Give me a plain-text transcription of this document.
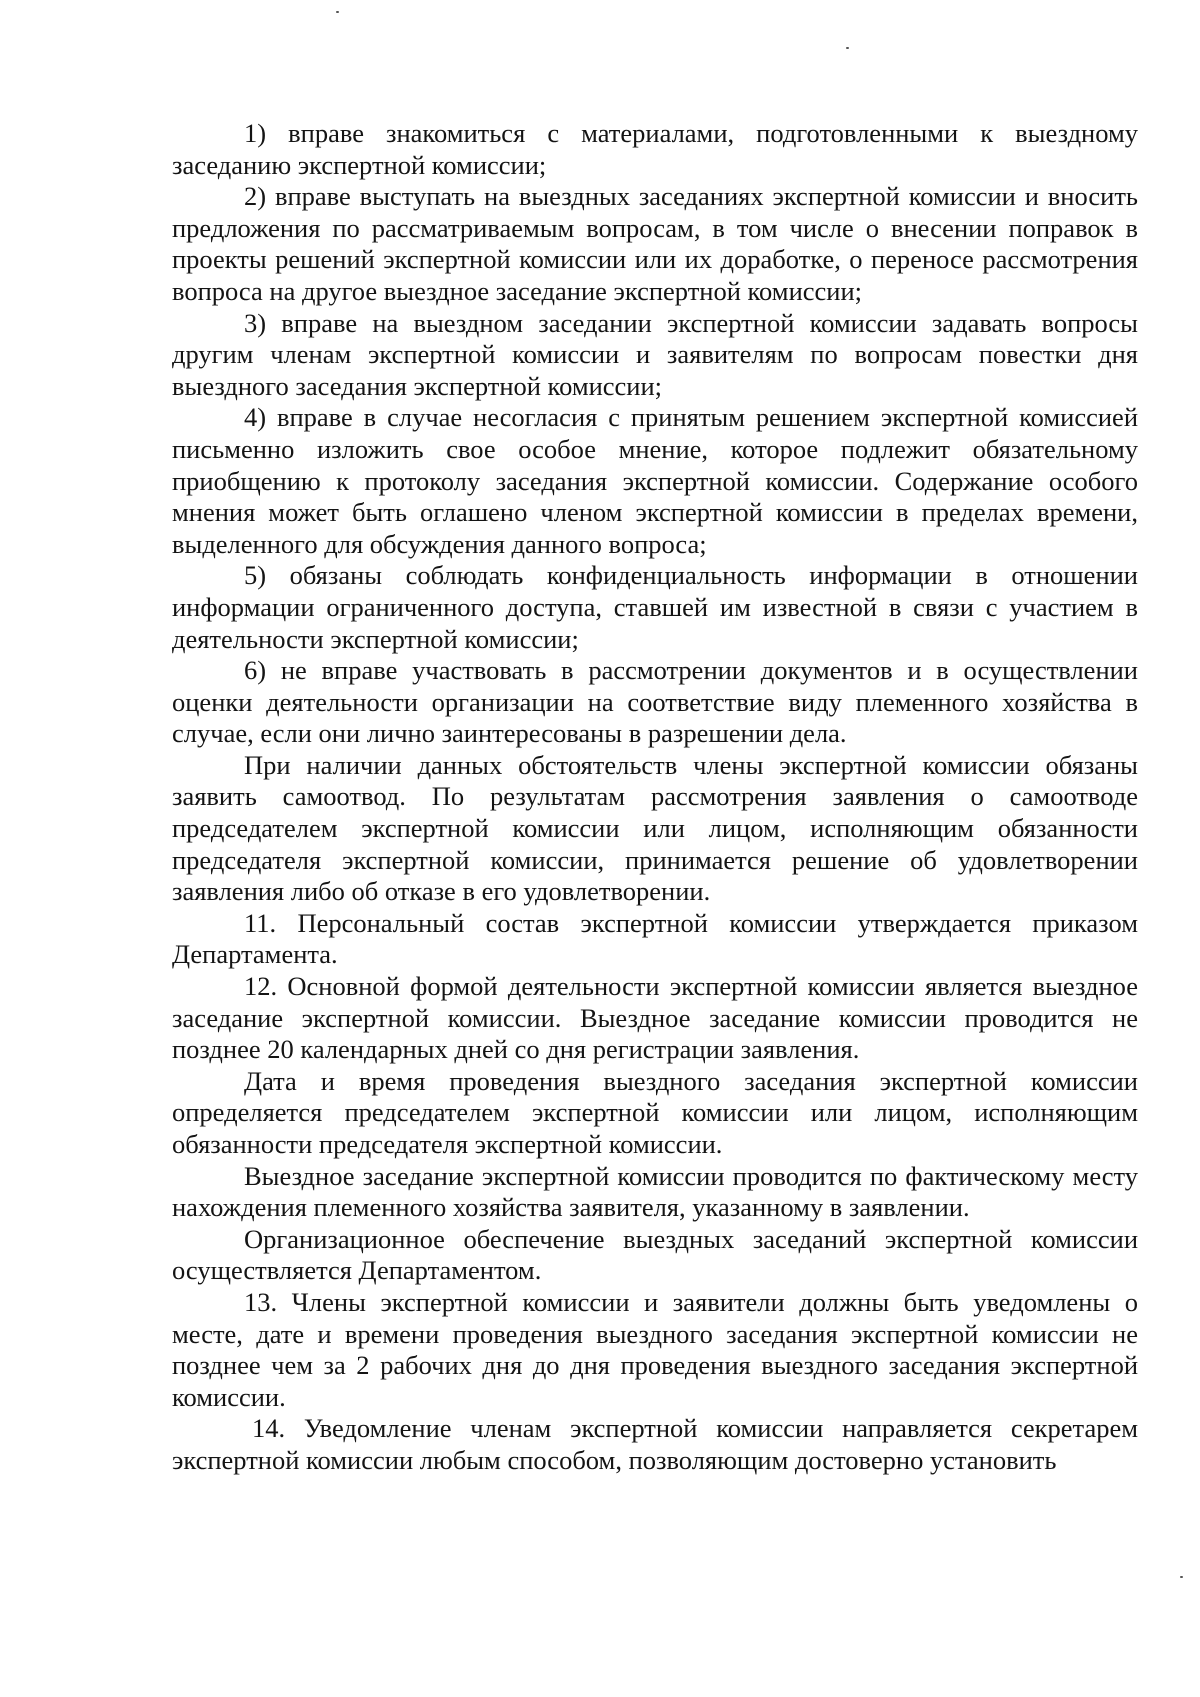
1) вправе знакомиться с материалами, подготовленными к выездному заседанию экспертной комиссии;

2) вправе выступать на выездных заседаниях экспертной комиссии и вносить предложения по рассматриваемым вопросам, в том числе о внесении поправок в проекты решений экспертной комиссии или их доработке, о переносе рассмотрения вопроса на другое выездное заседание экспертной комиссии;

3) вправе на выездном заседании экспертной комиссии задавать вопросы другим членам экспертной комиссии и заявителям по вопросам повестки дня выездного заседания экспертной комиссии;

4) вправе в случае несогласия с принятым решением экспертной комиссией письменно изложить свое особое мнение, которое подлежит обязательному приобщению к протоколу заседания экспертной комиссии. Содержание особого мнения может быть оглашено членом экспертной комиссии в пределах времени, выделенного для обсуждения данного вопроса;

5) обязаны соблюдать конфиденциальность информации в отношении информации ограниченного доступа, ставшей им известной в связи с участием в деятельности экспертной комиссии;

6) не вправе участвовать в рассмотрении документов и в осуществлении оценки деятельности организации на соответствие виду племенного хозяйства в случае, если они лично заинтересованы в разрешении дела.

При наличии данных обстоятельств члены экспертной комиссии обязаны заявить самоотвод. По результатам рассмотрения заявления о самоотводе председателем экспертной комиссии или лицом, исполняющим обязанности председателя экспертной комиссии, принимается решение об удовлетворении заявления либо об отказе в его удовлетворении.

11. Персональный состав экспертной комиссии утверждается приказом Департамента.

12. Основной формой деятельности экспертной комиссии является выездное заседание экспертной комиссии. Выездное заседание комиссии проводится не позднее 20 календарных дней со дня регистрации заявления.

Дата и время проведения выездного заседания экспертной комиссии определяется председателем экспертной комиссии или лицом, исполняющим обязанности председателя экспертной комиссии.

Выездное заседание экспертной комиссии проводится по фактическому месту нахождения племенного хозяйства заявителя, указанному в заявлении.

Организационное обеспечение выездных заседаний экспертной комиссии осуществляется Департаментом.

13. Члены экспертной комиссии и заявители должны быть уведомлены о месте, дате и времени проведения выездного заседания экспертной комиссии не позднее чем за 2 рабочих дня до дня проведения выездного заседания экспертной комиссии.

14. Уведомление членам экспертной комиссии направляется секретарем экспертной комиссии любым способом, позволяющим достоверно установить
